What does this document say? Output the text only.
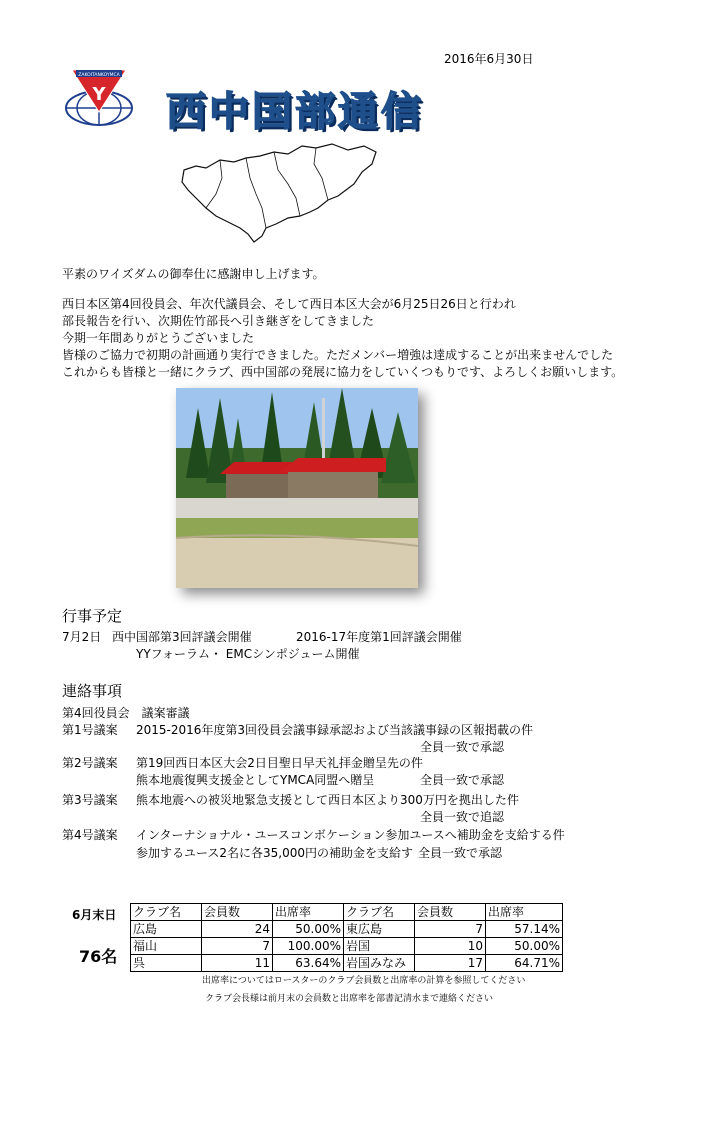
2016年6月30日
ZAKOITANKOYMCA
Y 西中国部通信
平素のワイズダムの御奉仕に感謝申し上げます。
西日本区第4回役員会、年次代議員会、そして西日本区大会が6月25日26日と行われ
部長報告を行い、次期佐竹部長へ引き継ぎをしてきました
今期一年間ありがとうございました
皆様のご協力で初期の計画通り実行できました。ただメンバー増強は達成することが出来ませんでした
これからも皆様と一緒にクラブ、西中国部の発展に協力をしていくつもりです、よろしくお願いします。
行事予定
7月2日 西中国部第3回評議会開催	2016-17年度第1回評議会開催
YYフォーラム・ EMCシンポジューム開催
連絡事項
第4回役員会　議案審議
第1号議案 2015-2016年度第3回役員会議事録承認および当該議事録の区報掲載の件
全員一致で承認
第2号議案 第19回西日本区大会2日目聖日早天礼拝金贈呈先の件
熊本地震復興支援金としてYMCA同盟へ贈呈	全員一致で承認
第3号議案 熊本地震への被災地緊急支援として西日本区より300万円を拠出した件
全員一致で追認
第4号議案 インターナショナル・ユースコンボケーション参加ユースへ補助金を支給する件
参加するユース2名に各35,000円の補助金を支給す 全員一致で承認
6月末日
76名
クラブ名	会員数	出席率	クラブ名	会員数	出席率
広島	24	50.00%	東広島	7	57.14%
福山	7	100.00%	岩国	10	50.00%
呉	11	63.64%	岩国みなみ	17	64.71%
出席率についてはロースターのクラブ会員数と出席率の計算を参照してください
クラブ会長様は前月末の会員数と出席率を部書記清水まで連絡ください
